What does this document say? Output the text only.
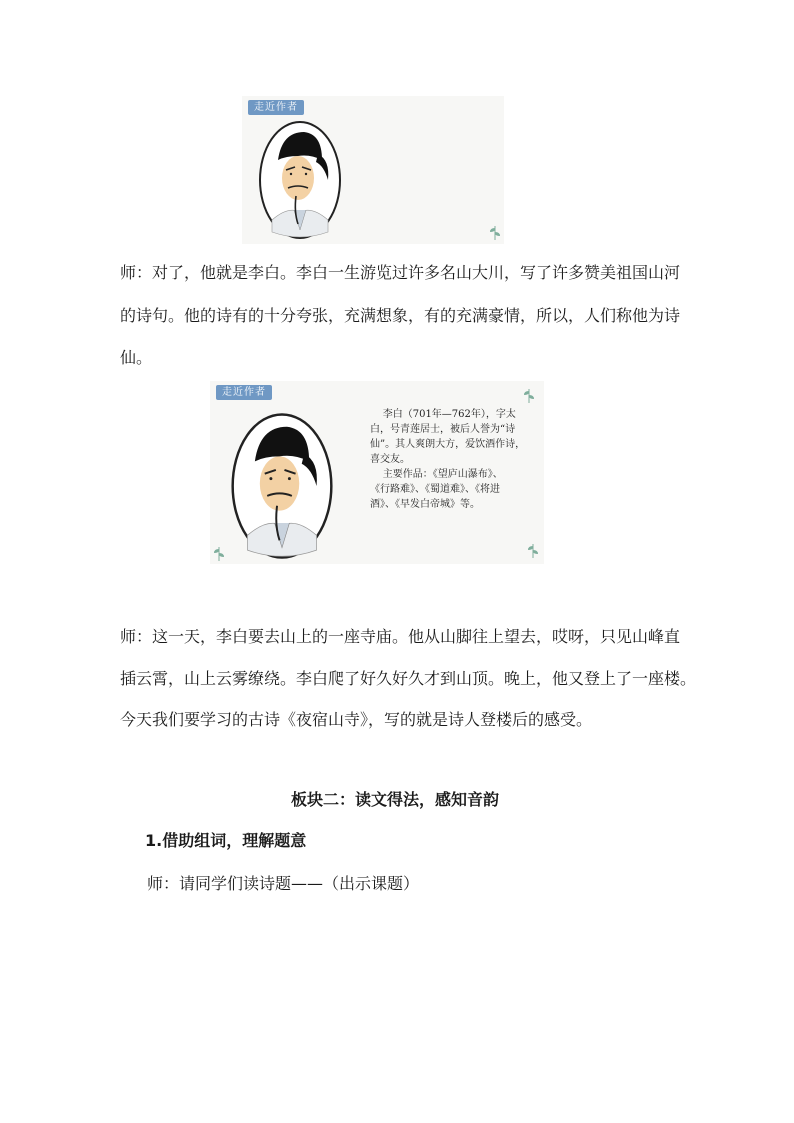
走近作者
师：对了，他就是李白。李白一生游览过许多名山大川，写了许多赞美祖国山河
的诗句。他的诗有的十分夸张，充满想象，有的充满豪情，所以，人们称他为诗
仙。
走近作者
李白（701年—762年），字太
白，号青莲居士，被后人誉为“诗
仙”。其人爽朗大方，爱饮酒作诗，
喜交友。
主要作品：《望庐山瀑布》、
《行路难》、《蜀道难》、《将进
酒》、《早发白帝城》等。
师：这一天，李白要去山上的一座寺庙。他从山脚往上望去，哎呀，只见山峰直
插云霄，山上云雾缭绕。李白爬了好久好久才到山顶。晚上，他又登上了一座楼。
今天我们要学习的古诗《夜宿山寺》，写的就是诗人登楼后的感受。
板块二：读文得法，感知音韵
1.借助组词，理解题意
师：请同学们读诗题——（出示课题）
